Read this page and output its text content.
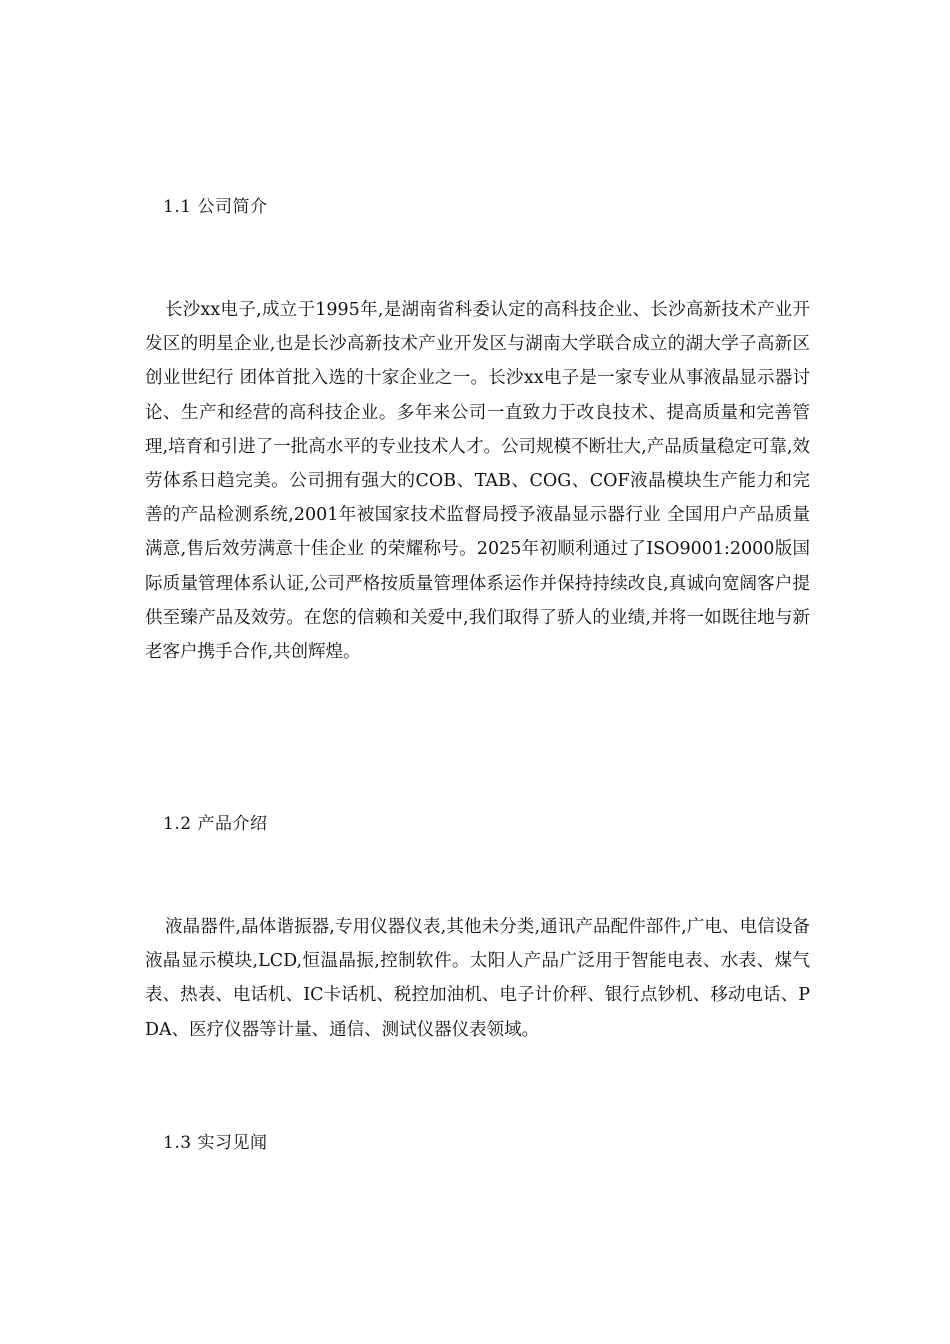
1.1 公司简介

长沙xx电子,成立于1995年,是湖南省科委认定的高科技企业、长沙高新技术产业开发区的明星企业,也是长沙高新技术产业开发区与湖南大学联合成立的湖大学子高新区创业世纪行 团体首批入选的十家企业之一。长沙xx电子是一家专业从事液晶显示器讨论、生产和经营的高科技企业。多年来公司一直致力于改良技术、提高质量和完善管理,培育和引进了一批高水平的专业技术人才。公司规模不断壮大,产品质量稳定可靠,效劳体系日趋完美。公司拥有强大的COB、TAB、COG、COF液晶模块生产能力和完善的产品检测系统,2001年被国家技术监督局授予液晶显示器行业 全国用户产品质量满意,售后效劳满意十佳企业 的荣耀称号。2025年初顺利通过了ISO9001:2000版国际质量管理体系认证,公司严格按质量管理体系运作并保持持续改良,真诚向宽阔客户提供至臻产品及效劳。在您的信赖和关爱中,我们取得了骄人的业绩,并将一如既往地与新老客户携手合作,共创辉煌。

1.2 产品介绍

液晶器件,晶体谐振器,专用仪器仪表,其他未分类,通讯产品配件部件,广电、电信设备液晶显示模块,LCD,恒温晶振,控制软件。太阳人产品广泛用于智能电表、水表、煤气表、热表、电话机、IC卡话机、税控加油机、电子计价秤、银行点钞机、移动电话、PDA、医疗仪器等计量、通信、测试仪器仪表领域。

1.3 实习见闻
